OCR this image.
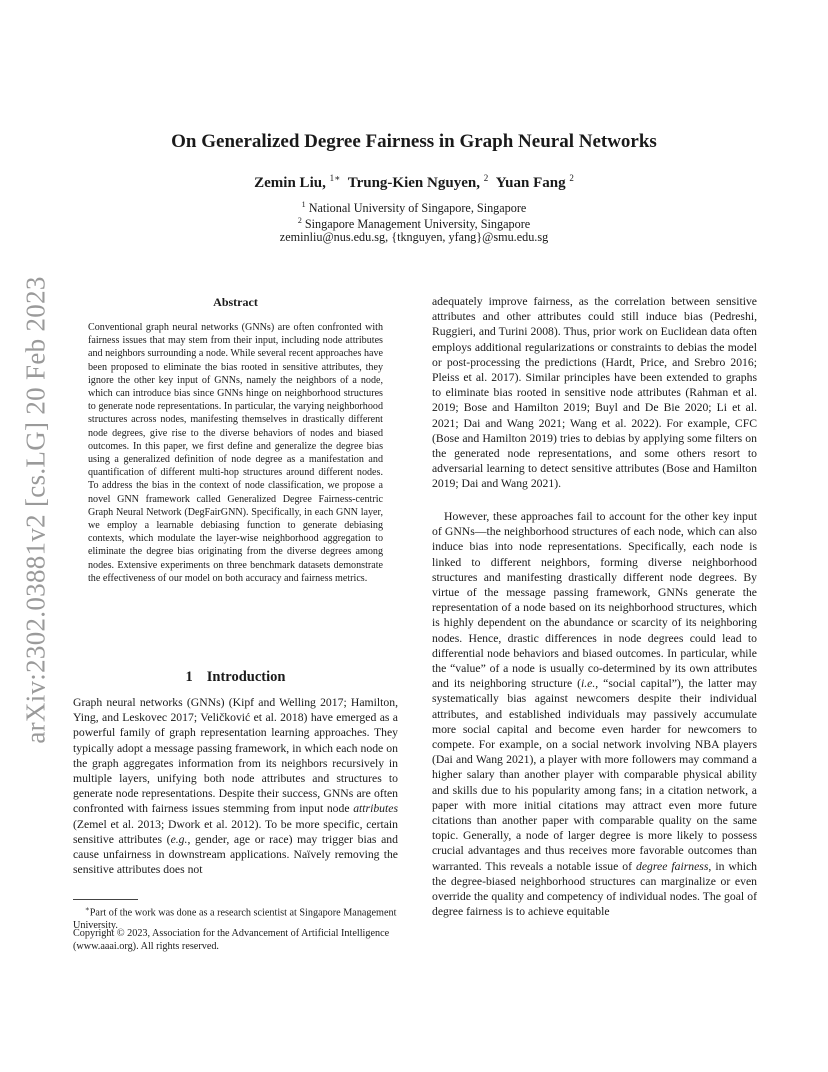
arXiv:2302.03881v2 [cs.LG] 20 Feb 2023
On Generalized Degree Fairness in Graph Neural Networks
Zemin Liu, $^{1∗}$ Trung-Kien Nguyen, $^2$ Yuan Fang $^2$
$^1$ National University of Singapore, Singapore
$^2$ Singapore Management University, Singapore
zeminliu@nus.edu.sg, {tknguyen, yfang}@smu.edu.sg
Abstract
Conventional graph neural networks (GNNs) are often confronted with fairness issues that may stem from their input, including node attributes and neighbors surrounding a node. While several recent approaches have been proposed to eliminate the bias rooted in sensitive attributes, they ignore the other key input of GNNs, namely the neighbors of a node, which can introduce bias since GNNs hinge on neighborhood structures to generate node representations. In particular, the varying neighborhood structures across nodes, manifesting themselves in drastically different node degrees, give rise to the diverse behaviors of nodes and biased outcomes. In this paper, we first define and generalize the degree bias using a generalized definition of node degree as a manifestation and quantification of different multi-hop structures around different nodes. To address the bias in the context of node classification, we propose a novel GNN framework called Generalized Degree Fairness-centric Graph Neural Network (DegFairGNN). Specifically, in each GNN layer, we employ a learnable debiasing function to generate debiasing contexts, which modulate the layer-wise neighborhood aggregation to eliminate the degree bias originating from the diverse degrees among nodes. Extensive experiments on three benchmark datasets demonstrate the effectiveness of our model on both accuracy and fairness metrics.
1 Introduction

Graph neural networks (GNNs) (Kipf and Welling 2017; Hamilton, Ying, and Leskovec 2017; Veličković et al. 2018) have emerged as a powerful family of graph representation learning approaches. They typically adopt a message passing framework, in which each node on the graph aggregates information from its neighbors recursively in multiple layers, unifying both node attributes and structures to generate node representations. Despite their success, GNNs are often confronted with fairness issues stemming from input node attributes (Zemel et al. 2013; Dwork et al. 2012). To be more specific, certain sensitive attributes (e.g., gender, age or race) may trigger bias and cause unfairness in downstream applications. Naïvely removing the sensitive attributes does not

∗Part of the work was done as a research scientist at Singapore Management University.
Copyright © 2023, Association for the Advancement of Artificial Intelligence (www.aaai.org). All rights reserved.
adequately improve fairness, as the correlation between sensitive attributes and other attributes could still induce bias (Pedreshi, Ruggieri, and Turini 2008). Thus, prior work on Euclidean data often employs additional regularizations or constraints to debias the model or post-processing the predictions (Hardt, Price, and Srebro 2016; Pleiss et al. 2017). Similar principles have been extended to graphs to eliminate bias rooted in sensitive node attributes (Rahman et al. 2019; Bose and Hamilton 2019; Buyl and De Bie 2020; Li et al. 2021; Dai and Wang 2021; Wang et al. 2022). For example, CFC (Bose and Hamilton 2019) tries to debias by applying some filters on the generated node representations, and some others resort to adversarial learning to detect sensitive attributes (Bose and Hamilton 2019; Dai and Wang 2021).

However, these approaches fail to account for the other key input of GNNs—the neighborhood structures of each node, which can also induce bias into node representations. Specifically, each node is linked to different neighbors, forming diverse neighborhood structures and manifesting drastically different node degrees. By virtue of the message passing framework, GNNs generate the representation of a node based on its neighborhood structures, which is highly dependent on the abundance or scarcity of its neighboring nodes. Hence, drastic differences in node degrees could lead to differential node behaviors and biased outcomes. In particular, while the “value” of a node is usually co-determined by its own attributes and its neighboring structure (i.e., “social capital”), the latter may systematically bias against newcomers despite their individual attributes, and established individuals may passively accumulate more social capital and become even harder for newcomers to compete. For example, on a social network involving NBA players (Dai and Wang 2021), a player with more followers may command a higher salary than another player with comparable physical ability and skills due to his popularity among fans; in a citation network, a paper with more initial citations may attract even more future citations than another paper with comparable quality on the same topic. Generally, a node of larger degree is more likely to possess crucial advantages and thus receives more favorable outcomes than warranted. This reveals a notable issue of degree fairness, in which the degree-biased neighborhood structures can marginalize or even override the quality and competency of individual nodes. The goal of degree fairness is to achieve equitable
